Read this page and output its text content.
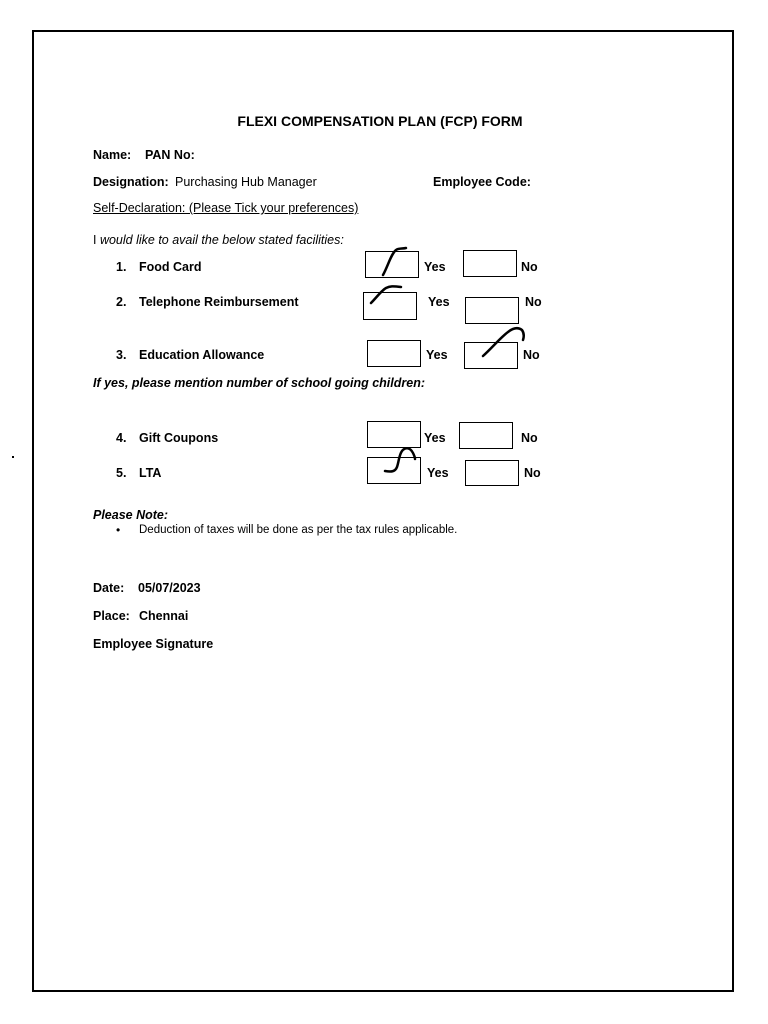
FLEXI COMPENSATION PLAN (FCP) FORM
Name: PAN No:
Designation: Purchasing Hub Manager	Employee Code:
Self-Declaration: (Please Tick your preferences)
I would like to avail the below stated facilities:
1. Food Card	Yes	No
2. Telephone Reimbursement	Yes	No
3. Education Allowance	Yes	No
If yes, please mention number of school going children:
4. Gift Coupons	Yes	No
5. LTA	Yes	No
Please Note:
• Deduction of taxes will be done as per the tax rules applicable.
Date: 05/07/2023
Place: Chennai
Employee Signature
